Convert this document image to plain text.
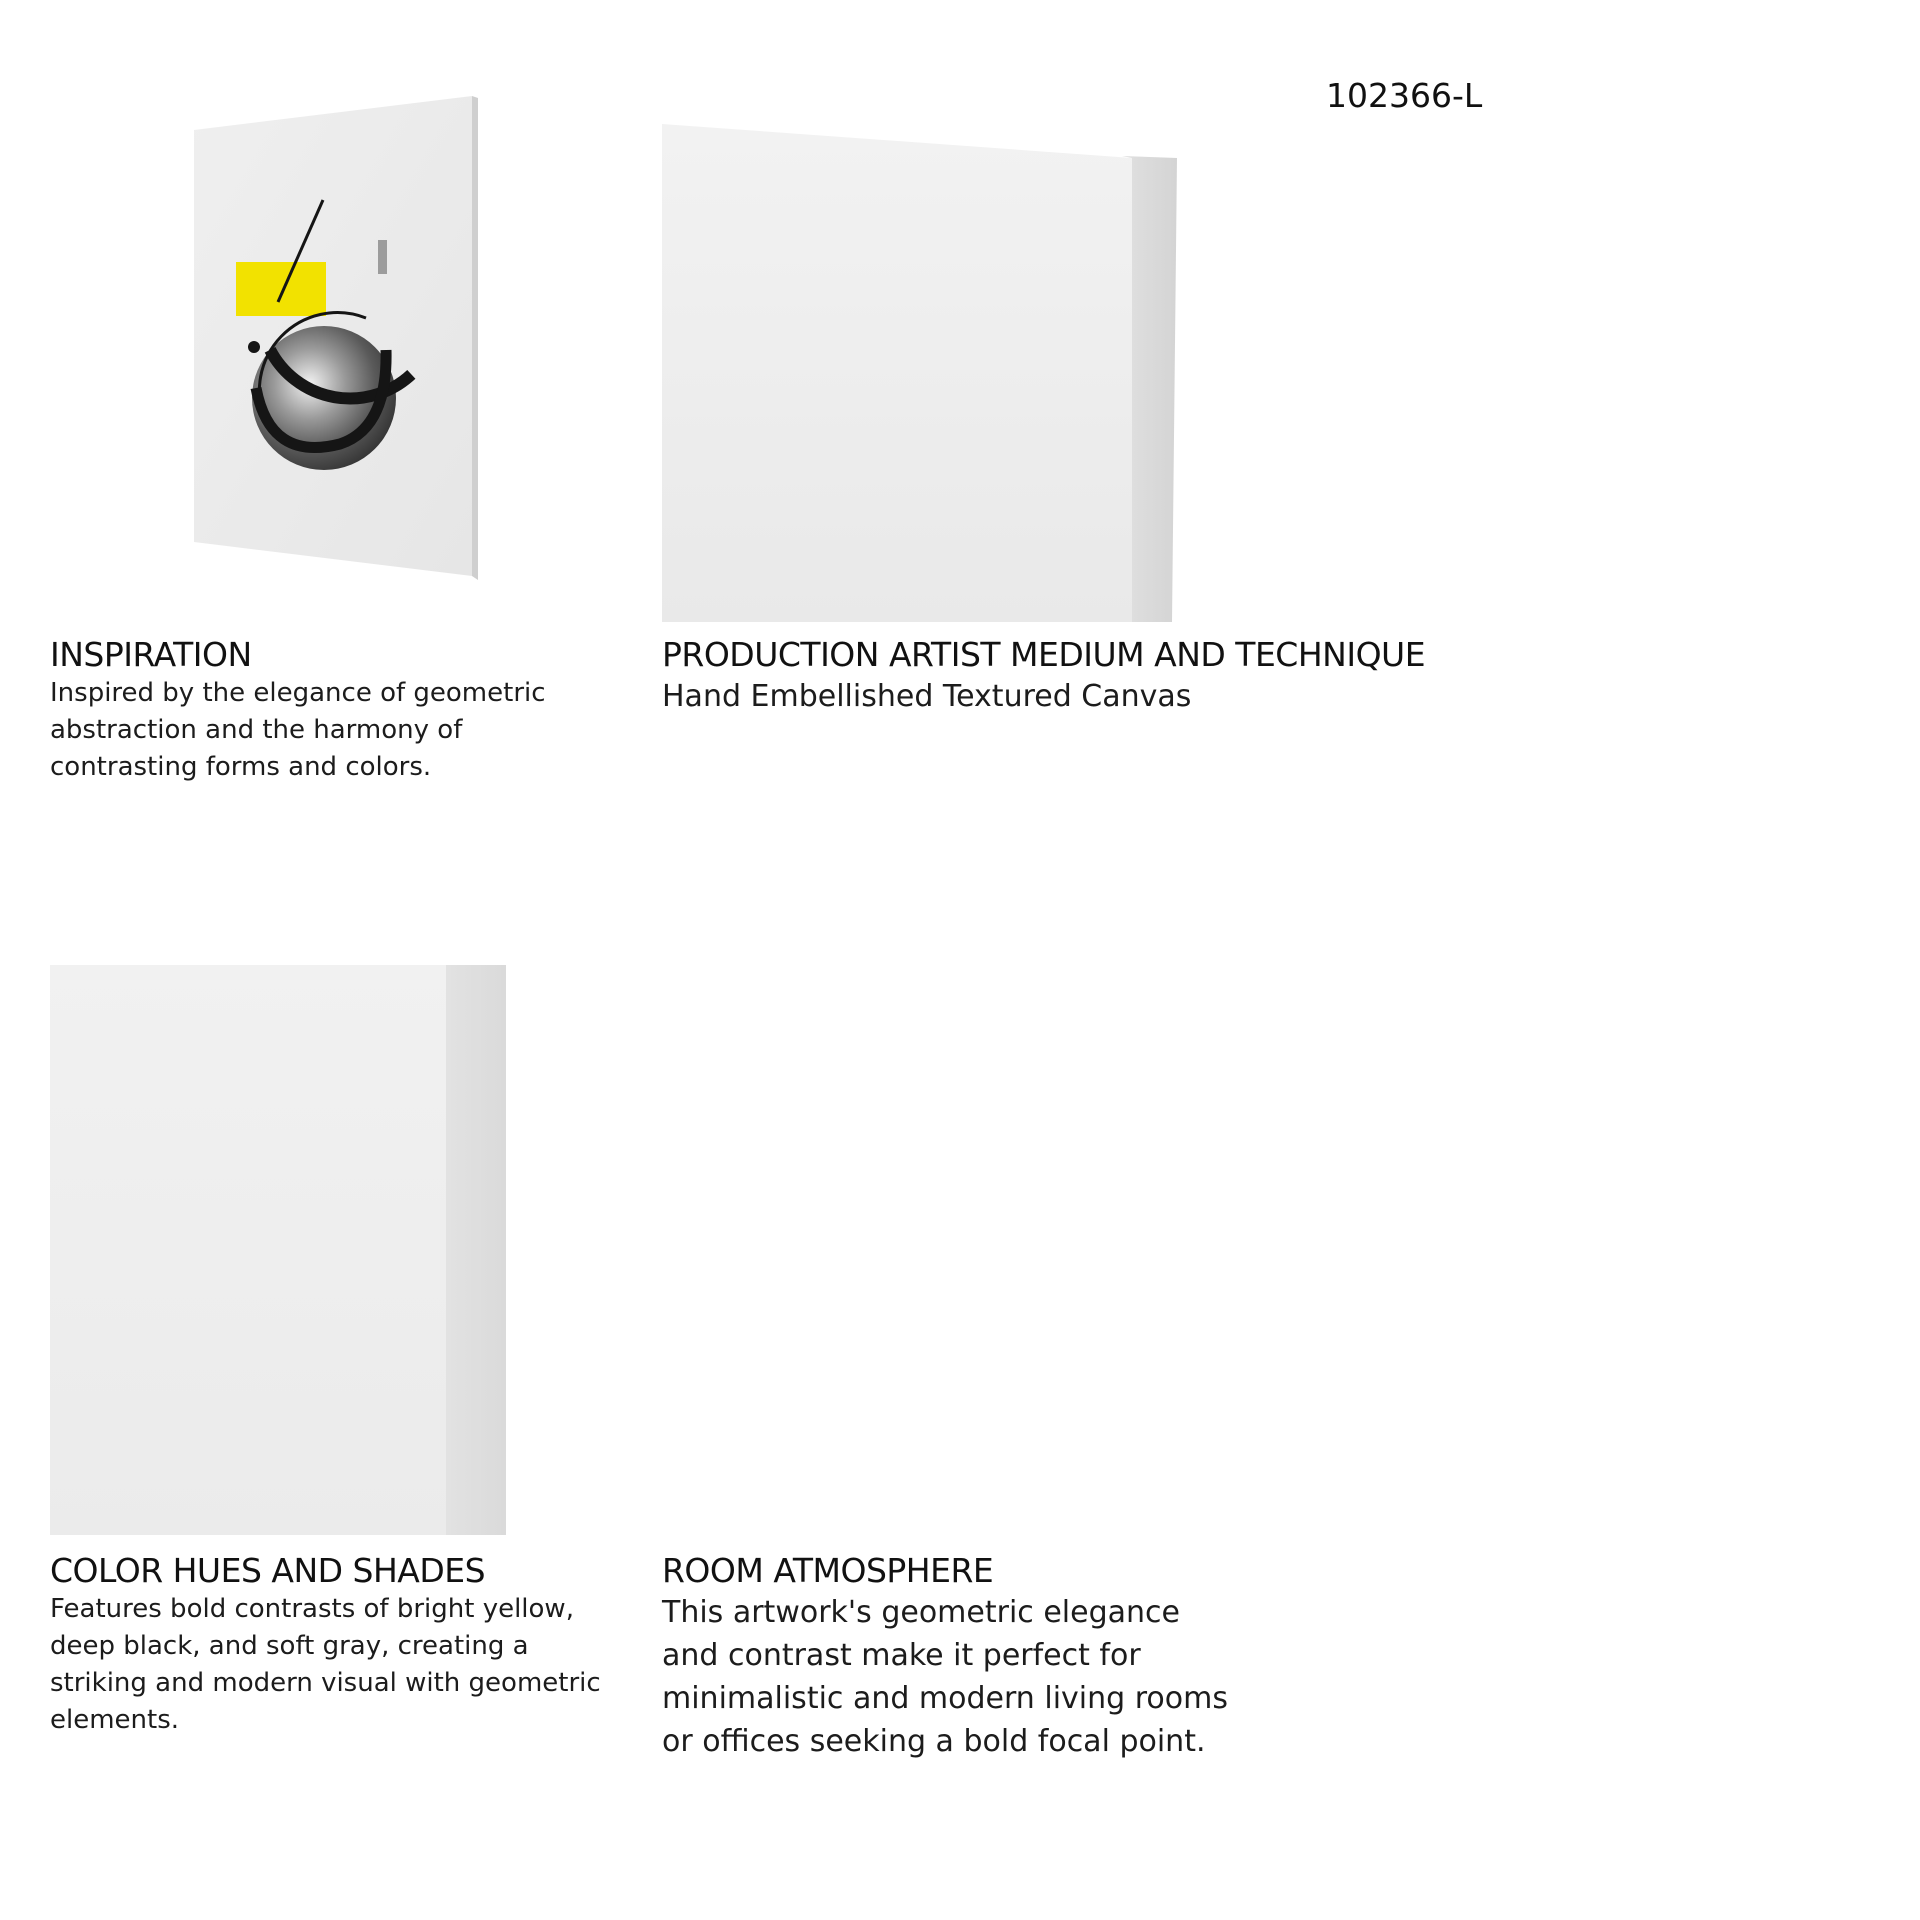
102366-L
INSPIRATION

Inspired by the elegance of geometric abstraction and the harmony of contrasting forms and colors.

PRODUCTION ARTIST MEDIUM AND TECHNIQUE

Hand Embellished Textured Canvas

COLOR HUES AND SHADES

Features bold contrasts of bright yellow, deep black, and soft gray, creating a striking and modern visual with geometric elements.

ROOM ATMOSPHERE

This artwork's geometric elegance and contrast make it perfect for minimalistic and modern living rooms or offices seeking a bold focal point.
